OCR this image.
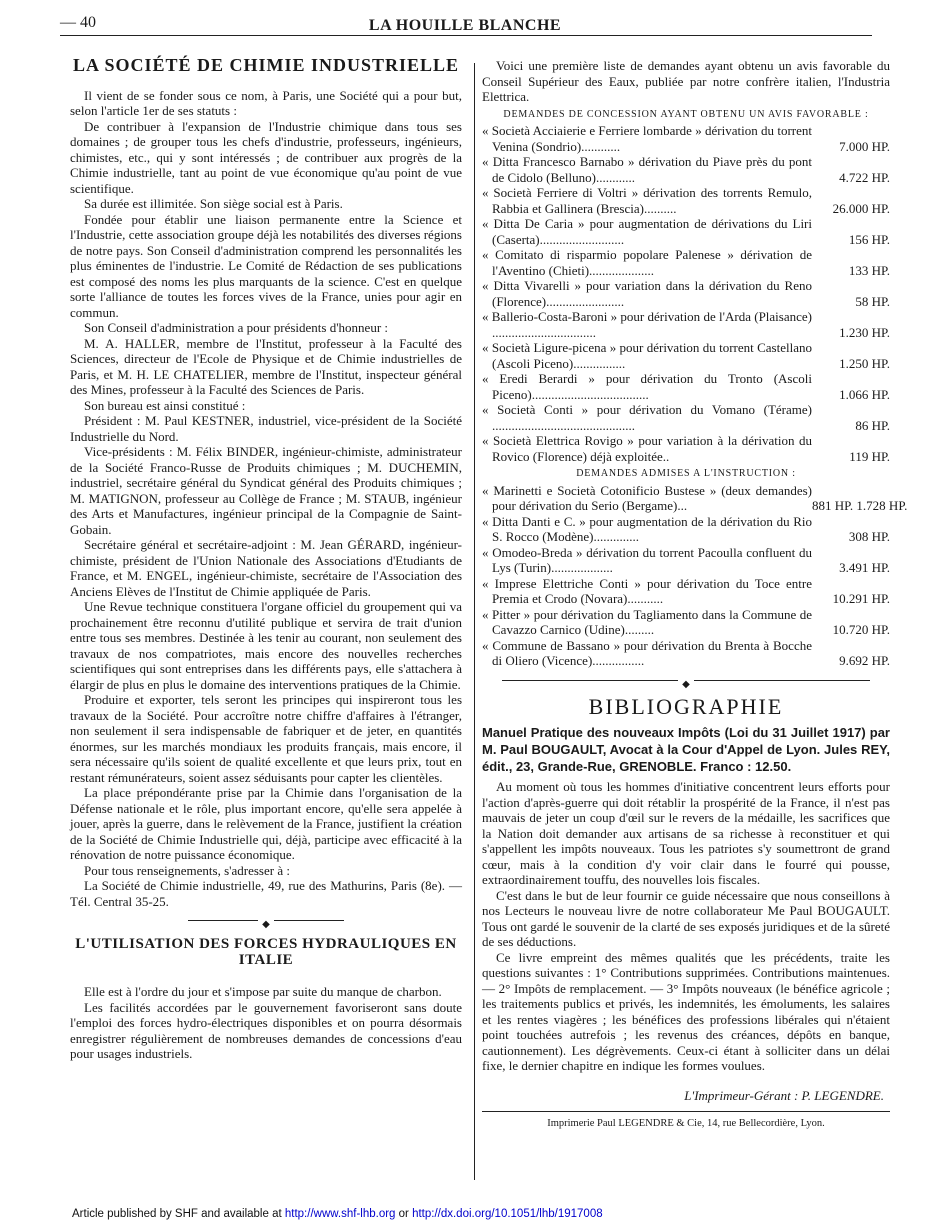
— 40	LA HOUILLE BLANCHE
LA SOCIÉTÉ DE CHIMIE INDUSTRIELLE

Il vient de se fonder sous ce nom, à Paris, une Société qui a pour but, selon l'article 1er de ses statuts :

De contribuer à l'expansion de l'Industrie chimique dans tous ses domaines ; de grouper tous les chefs d'industrie, professeurs, ingénieurs, chimistes, etc., qui y sont intéressés ; de contribuer aux progrès de la Chimie industrielle, tant au point de vue économique qu'au point de vue scientifique.

Sa durée est illimitée. Son siège social est à Paris.

Fondée pour établir une liaison permanente entre la Science et l'Industrie, cette association groupe déjà les notabilités des diverses régions de notre pays. Son Conseil d'administration comprend les personnalités les plus éminentes de l'industrie. Le Comité de Rédaction de ses publications est composé des noms les plus marquants de la science. C'est en quelque sorte l'alliance de toutes les forces vives de la France, unies pour agir en commun.

Son Conseil d'administration a pour présidents d'honneur :

M. A. HALLER, membre de l'Institut, professeur à la Faculté des Sciences, directeur de l'Ecole de Physique et de Chimie industrielles de Paris, et M. H. LE CHATELIER, membre de l'Institut, inspecteur général des Mines, professeur à la Faculté des Sciences de Paris.

Son bureau est ainsi constitué :

Président : M. Paul KESTNER, industriel, vice-président de la Société Industrielle du Nord.

Vice-présidents : M. Félix BINDER, ingénieur-chimiste, administrateur de la Société Franco-Russe de Produits chimiques ; M. DUCHEMIN, industriel, secrétaire général du Syndicat général des Produits chimiques ; M. MATIGNON, professeur au Collège de France ; M. STAUB, ingénieur des Arts et Manufactures, ingénieur principal de la Compagnie de Saint-Gobain.

Secrétaire général et secrétaire-adjoint : M. Jean GÉRARD, ingénieur-chimiste, président de l'Union Nationale des Associations d'Etudiants de France, et M. ENGEL, ingénieur-chimiste, secrétaire de l'Association des Anciens Elèves de l'Institut de Chimie appliquée de Paris.

Une Revue technique constituera l'organe officiel du groupement qui va prochainement être reconnu d'utilité publique et servira de trait d'union entre tous ses membres. Destinée à les tenir au courant, non seulement des travaux de nos compatriotes, mais encore des nouvelles recherches scientifiques qui sont entreprises dans les différents pays, elle s'attachera à élargir de plus en plus le domaine des interventions pratiques de la Chimie.

Produire et exporter, tels seront les principes qui inspireront tous les travaux de la Société. Pour accroître notre chiffre d'affaires à l'étranger, non seulement il sera indispensable de fabriquer et de jeter, en quantités énormes, sur les marchés mondiaux les produits français, mais encore, il sera nécessaire qu'ils soient de qualité excellente et que leurs prix, tout en restant rémunérateurs, soient assez séduisants pour capter les clientèles.

La place prépondérante prise par la Chimie dans l'organisation de la Défense nationale et le rôle, plus important encore, qu'elle sera appelée à jouer, après la guerre, dans le relèvement de la France, justifient la création de la Société de Chimie Industrielle qui, déjà, participe avec efficacité à la rénovation de notre puissance économique.

Pour tous renseignements, s'adresser à :

La Société de Chimie industrielle, 49, rue des Mathurins, Paris (8e). — Tél. Central 35-25.

◆
L'UTILISATION DES FORCES HYDRAULIQUES EN ITALIE

Elle est à l'ordre du jour et s'impose par suite du manque de charbon.

Les facilités accordées par le gouvernement favoriseront sans doute l'emploi des forces hydro-électriques disponibles et on pourra désormais enregistrer régulièrement de nombreuses demandes de concessions d'eau pour usages industriels.

Voici une première liste de demandes ayant obtenu un avis favorable du Conseil Supérieur des Eaux, publiée par notre confrère italien, l'Industria Elettrica.

DEMANDES DE CONCESSION AYANT OBTENU UN AVIS FAVORABLE :
« Società Acciaierie e Ferriere lombarde » dérivation du torrent Venina (Sondrio)............	7.000 HP.
« Ditta Francesco Barnabo » dérivation du Piave près du pont de Cidolo (Belluno)............	4.722 HP.
« Società Ferriere di Voltri » dérivation des torrents Remulo, Rabbia et Gallinera (Brescia)..........	26.000 HP.
« Ditta De Caria » pour augmentation de dérivations du Liri (Caserta)..........................	156 HP.
« Comitato di risparmio popolare Palenese » dérivation de l'Aventino (Chieti)....................	133 HP.
« Ditta Vivarelli » pour variation dans la dérivation du Reno (Florence)........................	58 HP.
« Ballerio-Costa-Baroni » pour dérivation de l'Arda (Plaisance) ................................	1.230 HP.
« Società Ligure-picena » pour dérivation du torrent Castellano (Ascoli Piceno)................	1.250 HP.
« Eredi Berardi » pour dérivation du Tronto (Ascoli Piceno)....................................	1.066 HP.
« Società Conti » pour dérivation du Vomano (Térame) ............................................	86 HP.
« Società Elettrica Rovigo » pour variation à la dérivation du Rovico (Florence) déjà exploitée..	119 HP.
DEMANDES ADMISES A L'INSTRUCTION :
« Marinetti e Società Cotonificio Bustese » (deux demandes) pour dérivation du Serio (Bergame)...	881 HP. 1.728 HP.
« Ditta Danti e C. » pour augmentation de la dérivation du Rio S. Rocco (Modène)..............	308 HP.
« Omodeo-Breda » dérivation du torrent Pacoulla confluent du Lys (Turin)...................	3.491 HP.
« Imprese Elettriche Conti » pour dérivation du Toce entre Premia et Crodo (Novara)...........	10.291 HP.
« Pitter » pour dérivation du Tagliamento dans la Commune de Cavazzo Carnico (Udine).........	10.720 HP.
« Commune de Bassano » pour dérivation du Brenta à Bocche di Oliero (Vicence)................	9.692 HP.
◆
BIBLIOGRAPHIE

Manuel Pratique des nouveaux Impôts (Loi du 31 Juillet 1917) par M. Paul BOUGAULT, Avocat à la Cour d'Appel de Lyon. Jules REY, édit., 23, Grande-Rue, GRENOBLE. Franco : 12.50.

Au moment où tous les hommes d'initiative concentrent leurs efforts pour l'action d'après-guerre qui doit rétablir la prospérité de la France, il n'est pas mauvais de jeter un coup d'œil sur le revers de la médaille, les sacrifices que la Nation doit demander aux artisans de sa richesse à reconstituer et qui s'appellent les impôts nouveaux. Tous les patriotes s'y soumettront de grand cœur, mais à la condition d'y voir clair dans le fourré qui pousse, extraordinairement touffu, des nouvelles lois fiscales.

C'est dans le but de leur fournir ce guide nécessaire que nous conseillons à nos Lecteurs le nouveau livre de notre collaborateur Me Paul BOUGAULT. Tous ont gardé le souvenir de la clarté de ses exposés juridiques et de la sûreté de ses déductions.

Ce livre empreint des mêmes qualités que les précédents, traite les questions suivantes : 1° Contributions supprimées. Contributions maintenues. — 2° Impôts de remplacement. — 3° Impôts nouveaux (le bénéfice agricole ; les traitements publics et privés, les indemnités, les émoluments, les salaires et les rentes viagères ; les bénéfices des professions libérales qui n'étaient point touchées autrefois ; les revenus des créances, dépôts en banque, cautionnement). Les dégrèvements. Ceux-ci étant à solliciter dans un délai fixe, le dernier chapitre en indique les formes voulues.

L'Imprimeur-Gérant : P. LEGENDRE.
Imprimerie Paul LEGENDRE & Cie, 14, rue Bellecordière, Lyon.
Article published by SHF and available at http://www.shf-lhb.org or http://dx.doi.org/10.1051/lhb/1917008
